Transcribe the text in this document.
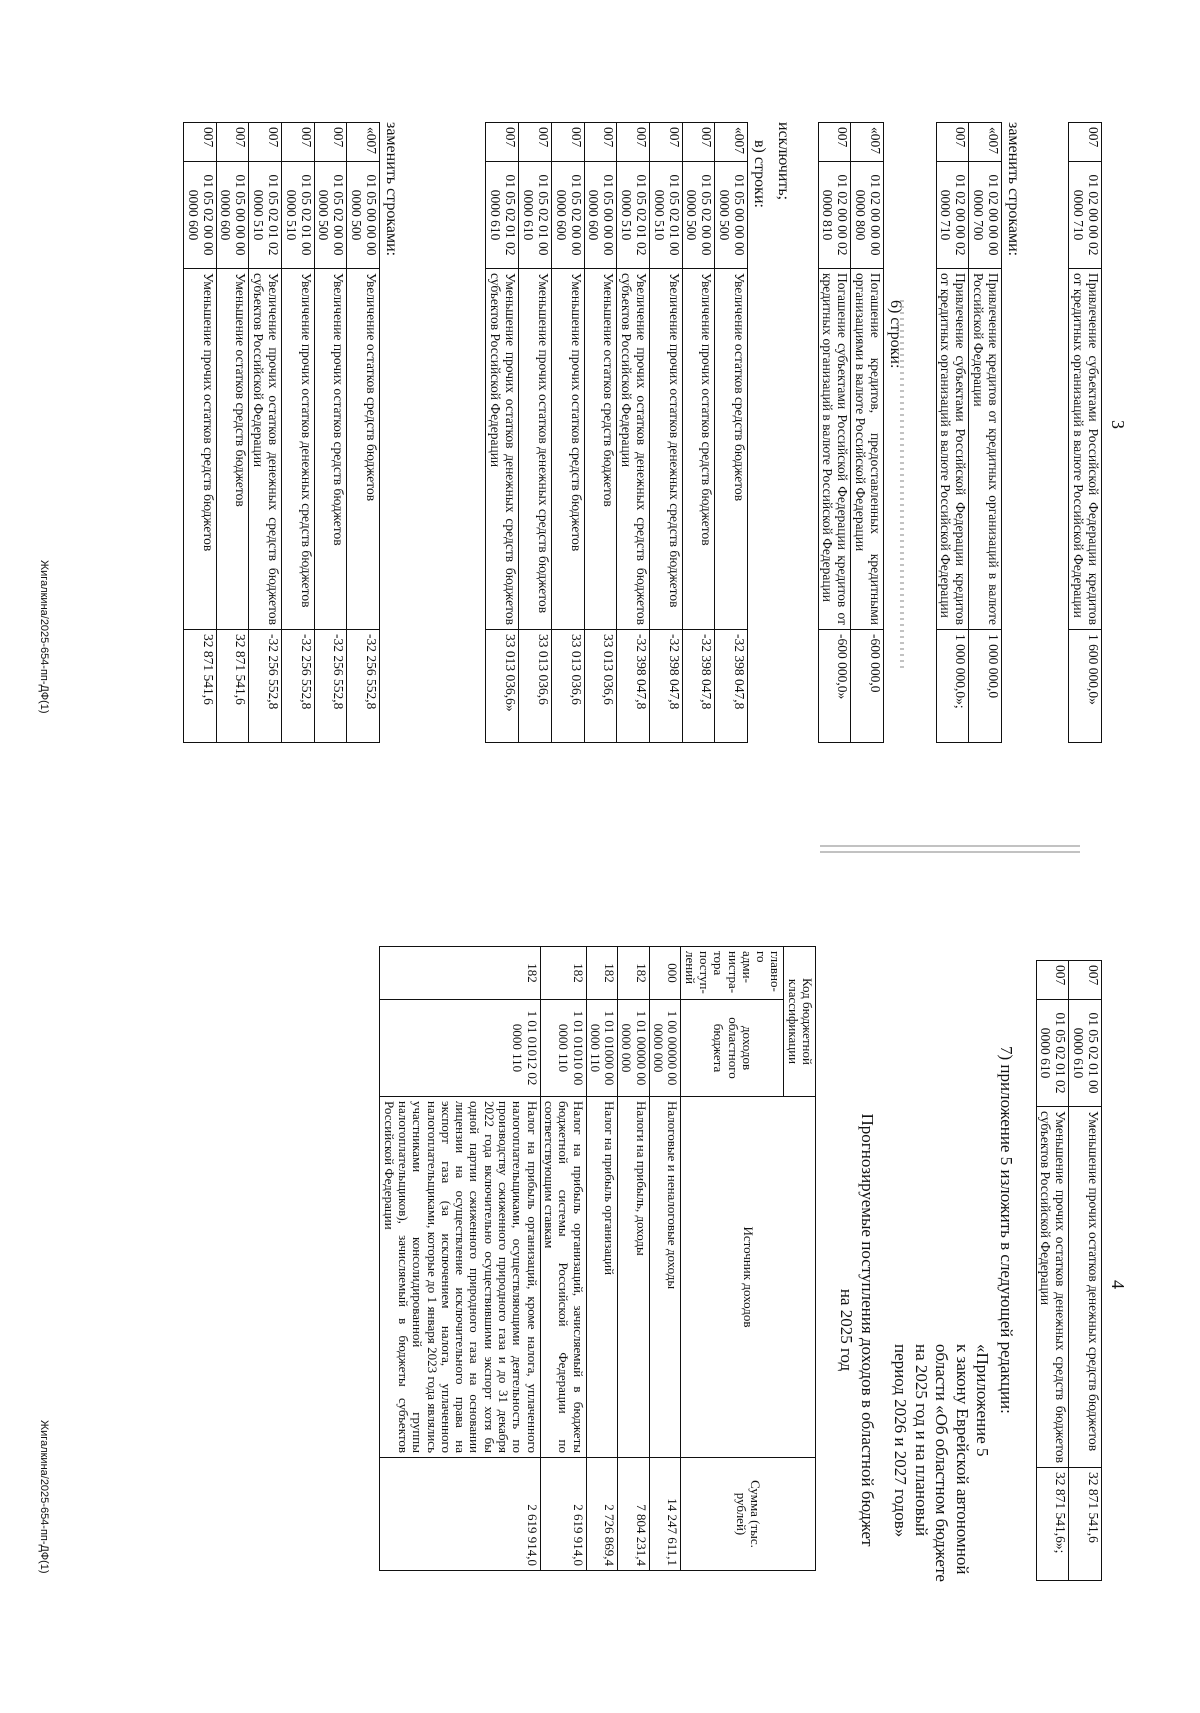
3
007	01 02 00 00 02 0000 710	Привлечение субъектами Российской Федерации кредитов от кредитных организаций в валюте Российской Федерации	1 600 000,0»
заменить строками:
«007	01 02 00 00 00 0000 700	Привлечение кредитов от кредитных организаций в валюте Российской Федерации	1 000 000,0
007	01 02 00 00 02 0000 710	Привлечение субъектами Российской Федерации кредитов от кредитных организаций в валюте Российской Федерации	1 000 000,0»;
6) строки:
«007	01 02 00 00 00 0000 800	Погашение кредитов, предоставленных кредитными организациями в валюте Российской Федерации	-600 000,0
007	01 02 00 00 02 0000 810	Погашение субъектами Российской Федерации кредитов от кредитных организаций в валюте Российской Федерации	-600 000,0»
исключить;
в) строки:
«007	01 05 00 00 00 0000 500	Увеличение остатков средств бюджетов	-32 398 047,8
007	01 05 02 00 00 0000 500	Увеличение прочих остатков средств бюджетов	-32 398 047,8
007	01 05 02 01 00 0000 510	Увеличение прочих остатков денежных средств бюджетов	-32 398 047,8
007	01 05 02 01 02 0000 510	Увеличение прочих остатков денежных средств бюджетов субъектов Российской Федерации	-32 398 047,8
007	01 05 00 00 00 0000 600	Уменьшение остатков средств бюджетов	33 013 036,6
007	01 05 02 00 00 0000 600	Уменьшение прочих остатков средств бюджетов	33 013 036,6
007	01 05 02 01 00 0000 610	Уменьшение прочих остатков денежных средств бюджетов	33 013 036,6
007	01 05 02 01 02 0000 610	Уменьшение прочих остатков денежных средств бюджетов субъектов Российской Федерации	33 013 036,6»
заменить строками:
«007	01 05 00 00 00 0000 500	Увеличение остатков средств бюджетов	-32 256 552,8
007	01 05 02 00 00 0000 500	Увеличение прочих остатков средств бюджетов	-32 256 552,8
007	01 05 02 01 00 0000 510	Увеличение прочих остатков денежных средств бюджетов	-32 256 552,8
007	01 05 02 01 02 0000 510	Увеличение прочих остатков денежных средств бюджетов субъектов Российской Федерации	-32 256 552,8
007	01 05 00 00 00 0000 600	Уменьшение остатков средств бюджетов	32 871 541,6
007	01 05 02 00 00 0000 600	Уменьшение прочих остатков средств бюджетов	32 871 541,6
Жигалкина/2025-654-пп-ДФ(1)
4
007	01 05 02 01 00 0000 610	Уменьшение прочих остатков денежных средств бюджетов	32 871 541,6
007	01 05 02 01 02 0000 610	Уменьшение прочих остатков денежных средств бюджетов субъектов Российской Федерации	32 871 541,6»;
7) приложение 5 изложить в следующей редакции:
«Приложение 5
к закону Еврейской автономной
области «Об областном бюджете
на 2025 год и на плановый
период 2026 и 2027 годов»
Прогнозируемые поступления доходов в областной бюджет
на 2025 год
Код бюджетной классификации		Источник доходов	Сумма (тыс. рублей)
главно-го адми-нистра-тора поступ-лений	доходов областного бюджета		
000	1 00 00000 00 0000 000	Налоговые и неналоговые доходы	14 247 611,1
182	1 01 00000 00 0000 000	Налоги на прибыль, доходы	7 804 231,4
182	1 01 01000 00 0000 110	Налог на прибыль организаций	2 726 869,4
182	1 01 01010 00 0000 110	Налог на прибыль организаций, зачисляемый в бюджеты бюджетной системы Российской Федерации по соответствующим ставкам	2 619 914,0
182	1 01 01012 02 0000 110	Налог на прибыль организаций, кроме налога, уплаченного налогоплательщиками, осуществляющими деятельность по производству сжиженного природного газа и до 31 декабря 2022 года включительно осуществившими экспорт хотя бы одной партии сжиженного природного газа на основании лицензии на осуществление исключительного права на экспорт газа (за исключением налога, уплаченного налогоплательщиками, которые до 1 января 2023 года являлись участниками консолидированной группы налогоплательщиков), зачисляемый в бюджеты субъектов Российской Федерации	2 619 914,0
Жигалкина/2025-654-пп-ДФ(1)
